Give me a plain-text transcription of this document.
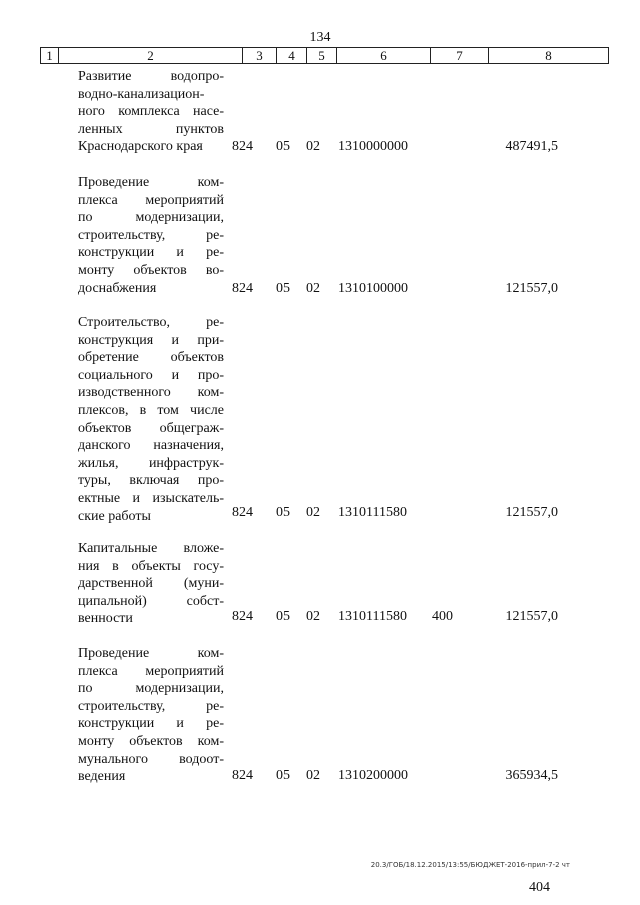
134
1	2	3	4	5	6	7	8
Развитие водопро-
водно-канализацион-
ного комплекса насе-
ленных пунктов
Краснодарского края	824 05 02 1310000000	487491,5
Проведение ком-
плекса мероприятий
по модернизации,
строительству, ре-
конструкции и ре-
монту объектов во-
доснабжения	824 05 02 1310100000	121557,0
Строительство, ре-
конструкция и при-
обретение объектов
социального и про-
изводственного ком-
плексов, в том числе
объектов общеграж-
данского назначения,
жилья, инфраструк-
туры, включая про-
ектные и изыскатель-
ские работы	824 05 02 1310111580	121557,0
Капитальные вложе-
ния в объекты госу-
дарственной (муни-
ципальной) собст-
венности	824 05 02 1310111580 400	121557,0
Проведение ком-
плекса мероприятий
по модернизации,
строительству, ре-
конструкции и ре-
монту объектов ком-
мунального водоот-
ведения	824 05 02 1310200000	365934,5
20.3/ГОБ/18.12.2015/13:55/БЮДЖЕТ-2016-прил-7-2 чт
404
